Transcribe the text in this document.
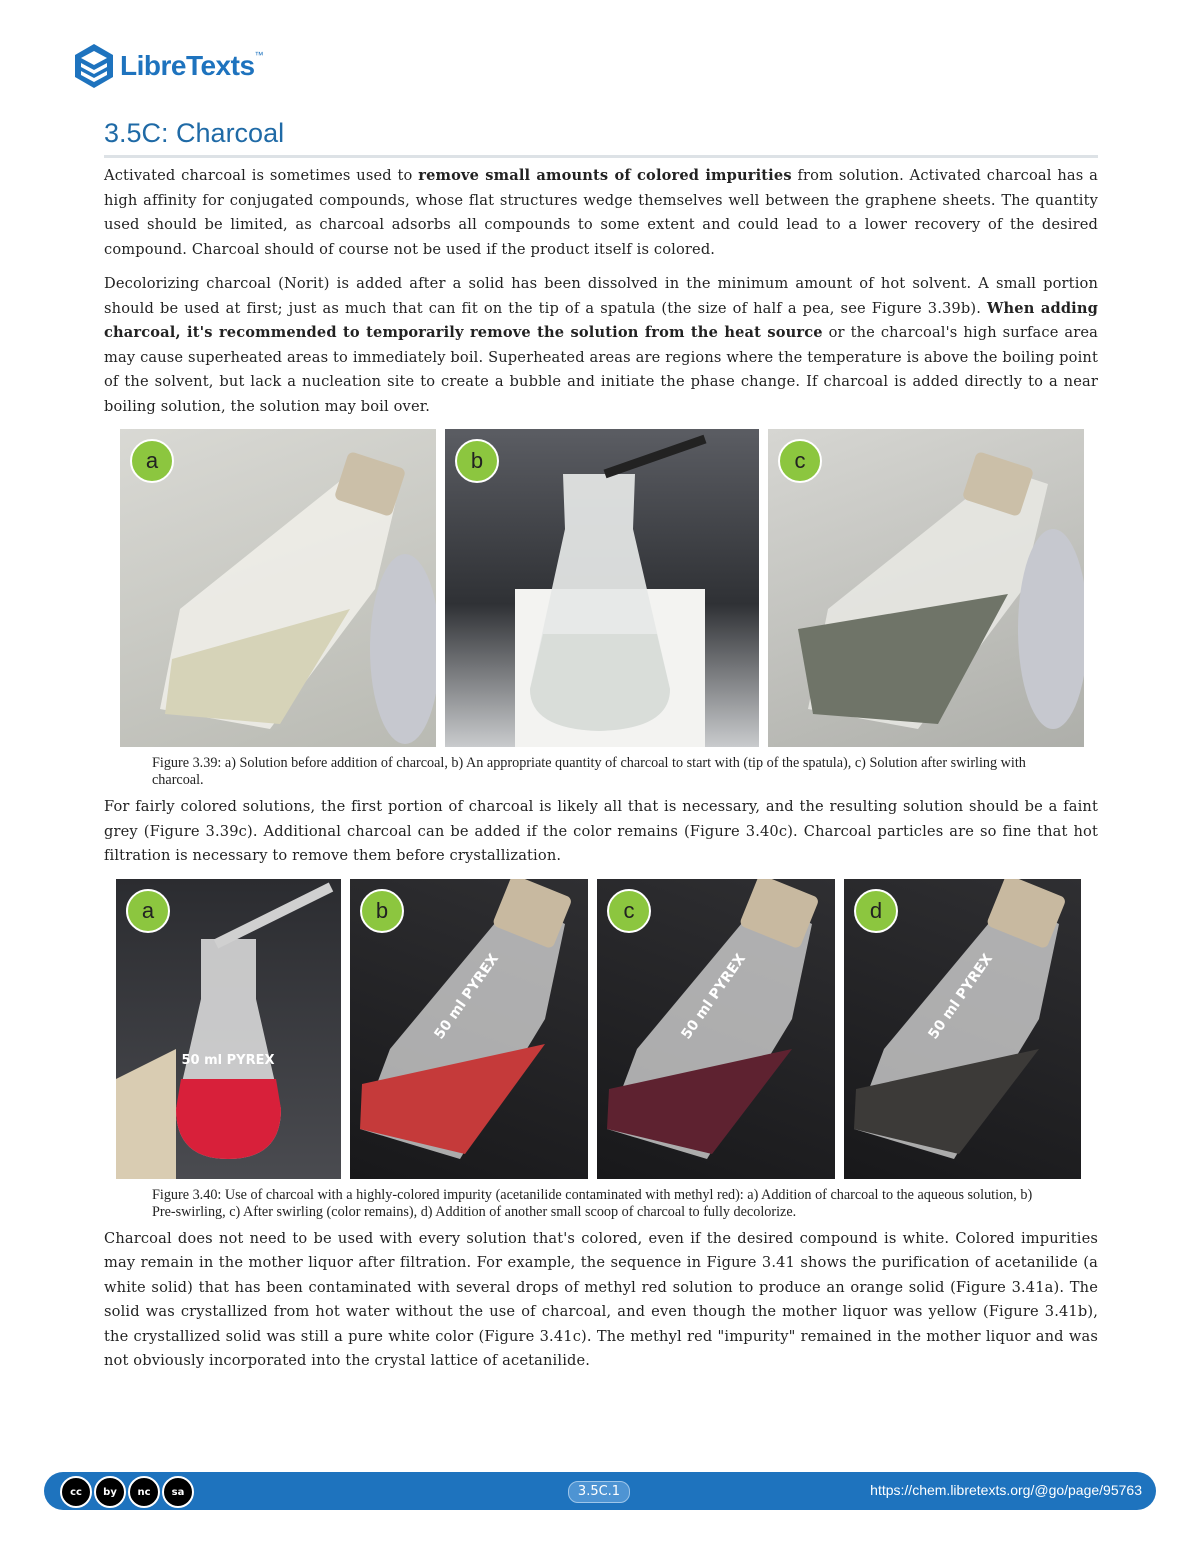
LibreTexts™
3.5C: Charcoal

Activated charcoal is sometimes used to remove small amounts of colored impurities from solution. Activated charcoal has a high affinity for conjugated compounds, whose flat structures wedge themselves well between the graphene sheets. The quantity used should be limited, as charcoal adsorbs all compounds to some extent and could lead to a lower recovery of the desired compound. Charcoal should of course not be used if the product itself is colored.

Decolorizing charcoal (Norit) is added after a solid has been dissolved in the minimum amount of hot solvent. A small portion should be used at first; just as much that can fit on the tip of a spatula (the size of half a pea, see Figure 3.39b). When adding charcoal, it's recommended to temporarily remove the solution from the heat source or the charcoal's high surface area may cause superheated areas to immediately boil. Superheated areas are regions where the temperature is above the boiling point of the solvent, but lack a nucleation site to create a bubble and initiate the phase change. If charcoal is added directly to a near boiling solution, the solution may boil over.

a	b	c
Figure 3.39: a) Solution before addition of charcoal, b) An appropriate quantity of charcoal to start with (tip of the spatula), c) Solution after swirling with charcoal.

For fairly colored solutions, the first portion of charcoal is likely all that is necessary, and the resulting solution should be a faint grey (Figure 3.39c). Additional charcoal can be added if the color remains (Figure 3.40c). Charcoal particles are so fine that hot filtration is necessary to remove them before crystallization.

50 ml PYREX
a
50 ml PYREX
b
50 ml PYREX
c
50 ml PYREX
d
Figure 3.40: Use of charcoal with a highly-colored impurity (acetanilide contaminated with methyl red): a) Addition of charcoal to the aqueous solution, b) Pre-swirling, c) After swirling (color remains), d) Addition of another small scoop of charcoal to fully decolorize.

Charcoal does not need to be used with every solution that's colored, even if the desired compound is white. Colored impurities may remain in the mother liquor after filtration. For example, the sequence in Figure 3.41 shows the purification of acetanilide (a white solid) that has been contaminated with several drops of methyl red solution to produce an orange solid (Figure 3.41a). The solid was crystallized from hot water without the use of charcoal, and even though the mother liquor was yellow (Figure 3.41b), the crystallized solid was still a pure white color (Figure 3.41c). The methyl red "impurity" remained in the mother liquor and was not obviously incorporated into the crystal lattice of acetanilide.

cc	by	nc	sa	3.5C.1	https://chem.libretexts.org/@go/page/95763
